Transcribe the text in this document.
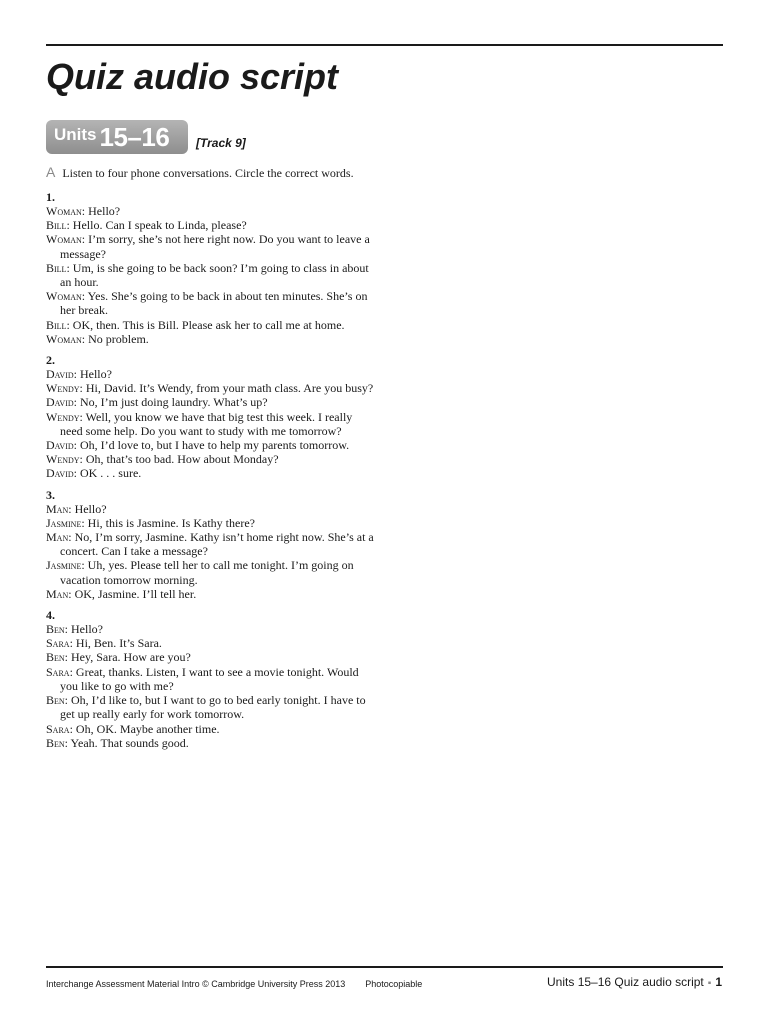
Quiz audio script
Units 15–16 [Track 9]
A Listen to four phone conversations. Circle the correct words.
1.
Woman: Hello?
Bill: Hello. Can I speak to Linda, please?
Woman: I’m sorry, she’s not here right now. Do you want to leave a message?
Bill: Um, is she going to be back soon? I’m going to class in about an hour.
Woman: Yes. She’s going to be back in about ten minutes. She’s on her break.
Bill: OK, then. This is Bill. Please ask her to call me at home.
Woman: No problem.
2.
David: Hello?
Wendy: Hi, David. It’s Wendy, from your math class. Are you busy?
David: No, I’m just doing laundry. What’s up?
Wendy: Well, you know we have that big test this week. I really need some help. Do you want to study with me tomorrow?
David: Oh, I’d love to, but I have to help my parents tomorrow.
Wendy: Oh, that’s too bad. How about Monday?
David: OK . . . sure.
3.
Man: Hello?
Jasmine: Hi, this is Jasmine. Is Kathy there?
Man: No, I’m sorry, Jasmine. Kathy isn’t home right now. She’s at a concert. Can I take a message?
Jasmine: Uh, yes. Please tell her to call me tonight. I’m going on vacation tomorrow morning.
Man: OK, Jasmine. I’ll tell her.
4.
Ben: Hello?
Sara: Hi, Ben. It’s Sara.
Ben: Hey, Sara. How are you?
Sara: Great, thanks. Listen, I want to see a movie tonight. Would you like to go with me?
Ben: Oh, I’d like to, but I want to go to bed early tonight. I have to get up really early for work tomorrow.
Sara: Oh, OK. Maybe another time.
Ben: Yeah. That sounds good.
Interchange Assessment Material Intro © Cambridge University Press 2013 Photocopiable	Units 15–16 Quiz audio script ▪ 1
